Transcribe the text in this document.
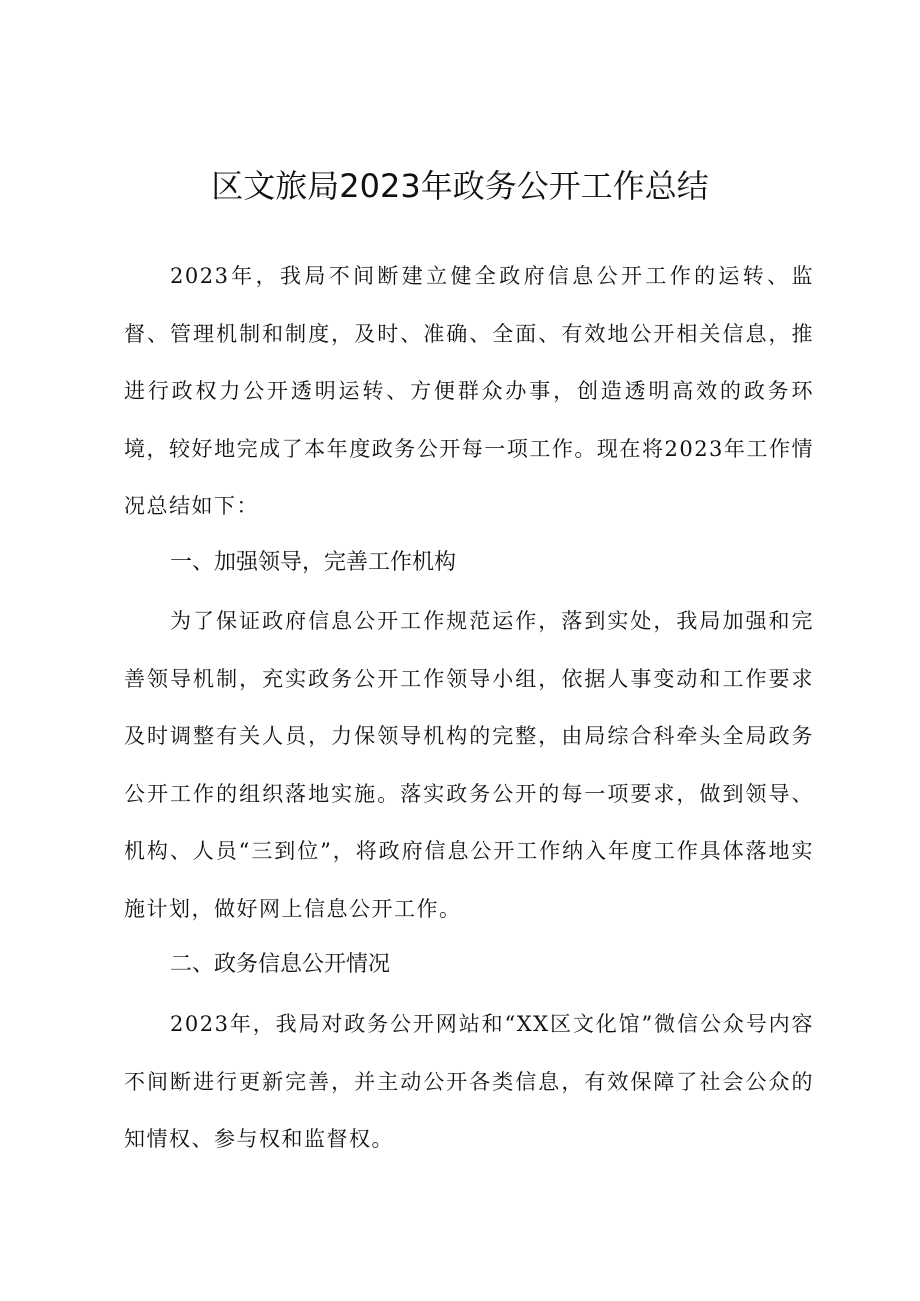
区文旅局2023年政务公开工作总结

2023年，我局不间断建立健全政府信息公开工作的运转、监督、管理机制和制度，及时、准确、全面、有效地公开相关信息，推进行政权力公开透明运转、方便群众办事，创造透明高效的政务环境，较好地完成了本年度政务公开每一项工作。现在将2023年工作情况总结如下：

一、加强领导，完善工作机构

为了保证政府信息公开工作规范运作，落到实处，我局加强和完善领导机制，充实政务公开工作领导小组，依据人事变动和工作要求及时调整有关人员，力保领导机构的完整，由局综合科牵头全局政务公开工作的组织落地实施。落实政务公开的每一项要求，做到领导、机构、人员“三到位”，将政府信息公开工作纳入年度工作具体落地实施计划，做好网上信息公开工作。

二、政务信息公开情况

2023年，我局对政务公开网站和“XX区文化馆”微信公众号内容不间断进行更新完善，并主动公开各类信息，有效保障了社会公众的知情权、参与权和监督权。
